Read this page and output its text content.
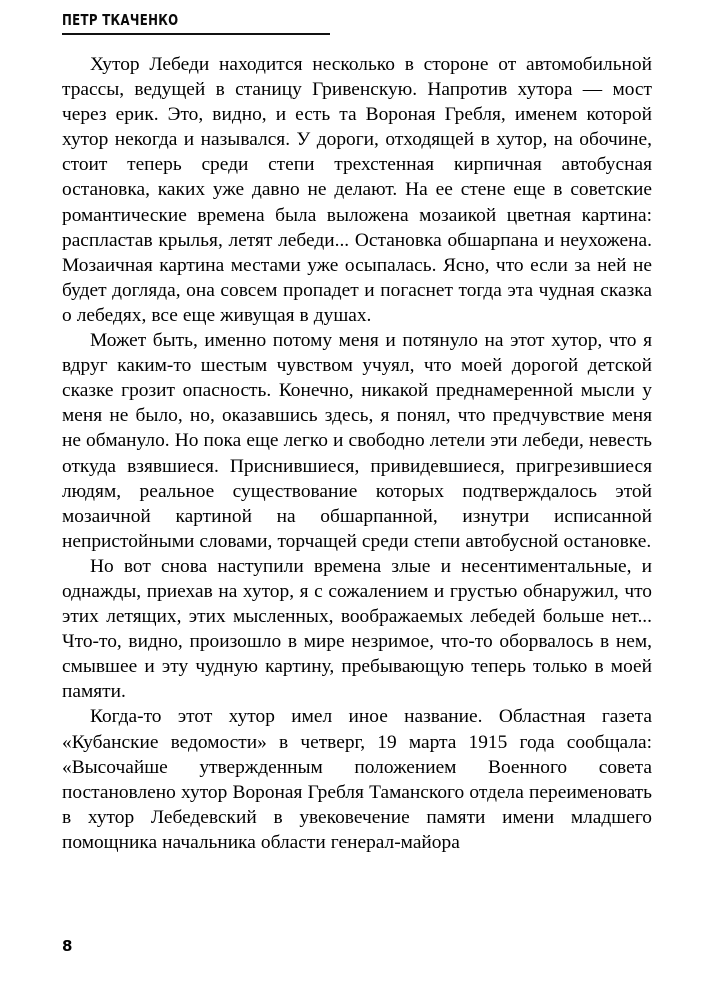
ПЕТР ТКАЧЕНКО

Хутор Лебеди находится несколько в стороне от автомобильной трассы, ведущей в станицу Гривенскую. Напротив хутора — мост через ерик. Это, видно, и есть та Вороная Гребля, именем которой хутор некогда и назывался. У дороги, отходящей в хутор, на обочине, стоит теперь среди степи трехстенная кирпичная автобусная остановка, каких уже давно не делают. На ее стене еще в советские романтические времена была выложена мозаикой цветная картина: распластав крылья, летят лебеди... Остановка обшарпана и неухожена. Мозаичная картина местами уже осыпалась. Ясно, что если за ней не будет догляда, она совсем пропадет и погаснет тогда эта чудная сказка о лебедях, все еще живущая в душах.

Может быть, именно потому меня и потянуло на этот хутор, что я вдруг каким-то шестым чувством учуял, что моей дорогой детской сказке грозит опасность. Конечно, никакой преднамеренной мысли у меня не было, но, оказавшись здесь, я понял, что предчувствие меня не обмануло. Но пока еще легко и свободно летели эти лебеди, невесть откуда взявшиеся. Приснившиеся, привидевшиеся, пригрезившиеся людям, реальное существование которых подтверждалось этой мозаичной картиной на обшарпанной, изнутри исписанной непристойными словами, торчащей среди степи автобусной остановке.

Но вот снова наступили времена злые и несентиментальные, и однажды, приехав на хутор, я с сожалением и грустью обнаружил, что этих летящих, этих мысленных, воображаемых лебедей больше нет... Что-то, видно, произошло в мире незримое, что-то оборвалось в нем, смывшее и эту чудную картину, пребывающую теперь только в моей памяти.

Когда-то этот хутор имел иное название. Областная газета «Кубанские ведомости» в четверг, 19 марта 1915 года сообщала: «Высочайше утвержденным положением Военного совета постановлено хутор Вороная Гребля Таманского отдела переименовать в хутор Лебедевский в увековечение памяти имени младшего помощника начальника области генерал-майора

8
